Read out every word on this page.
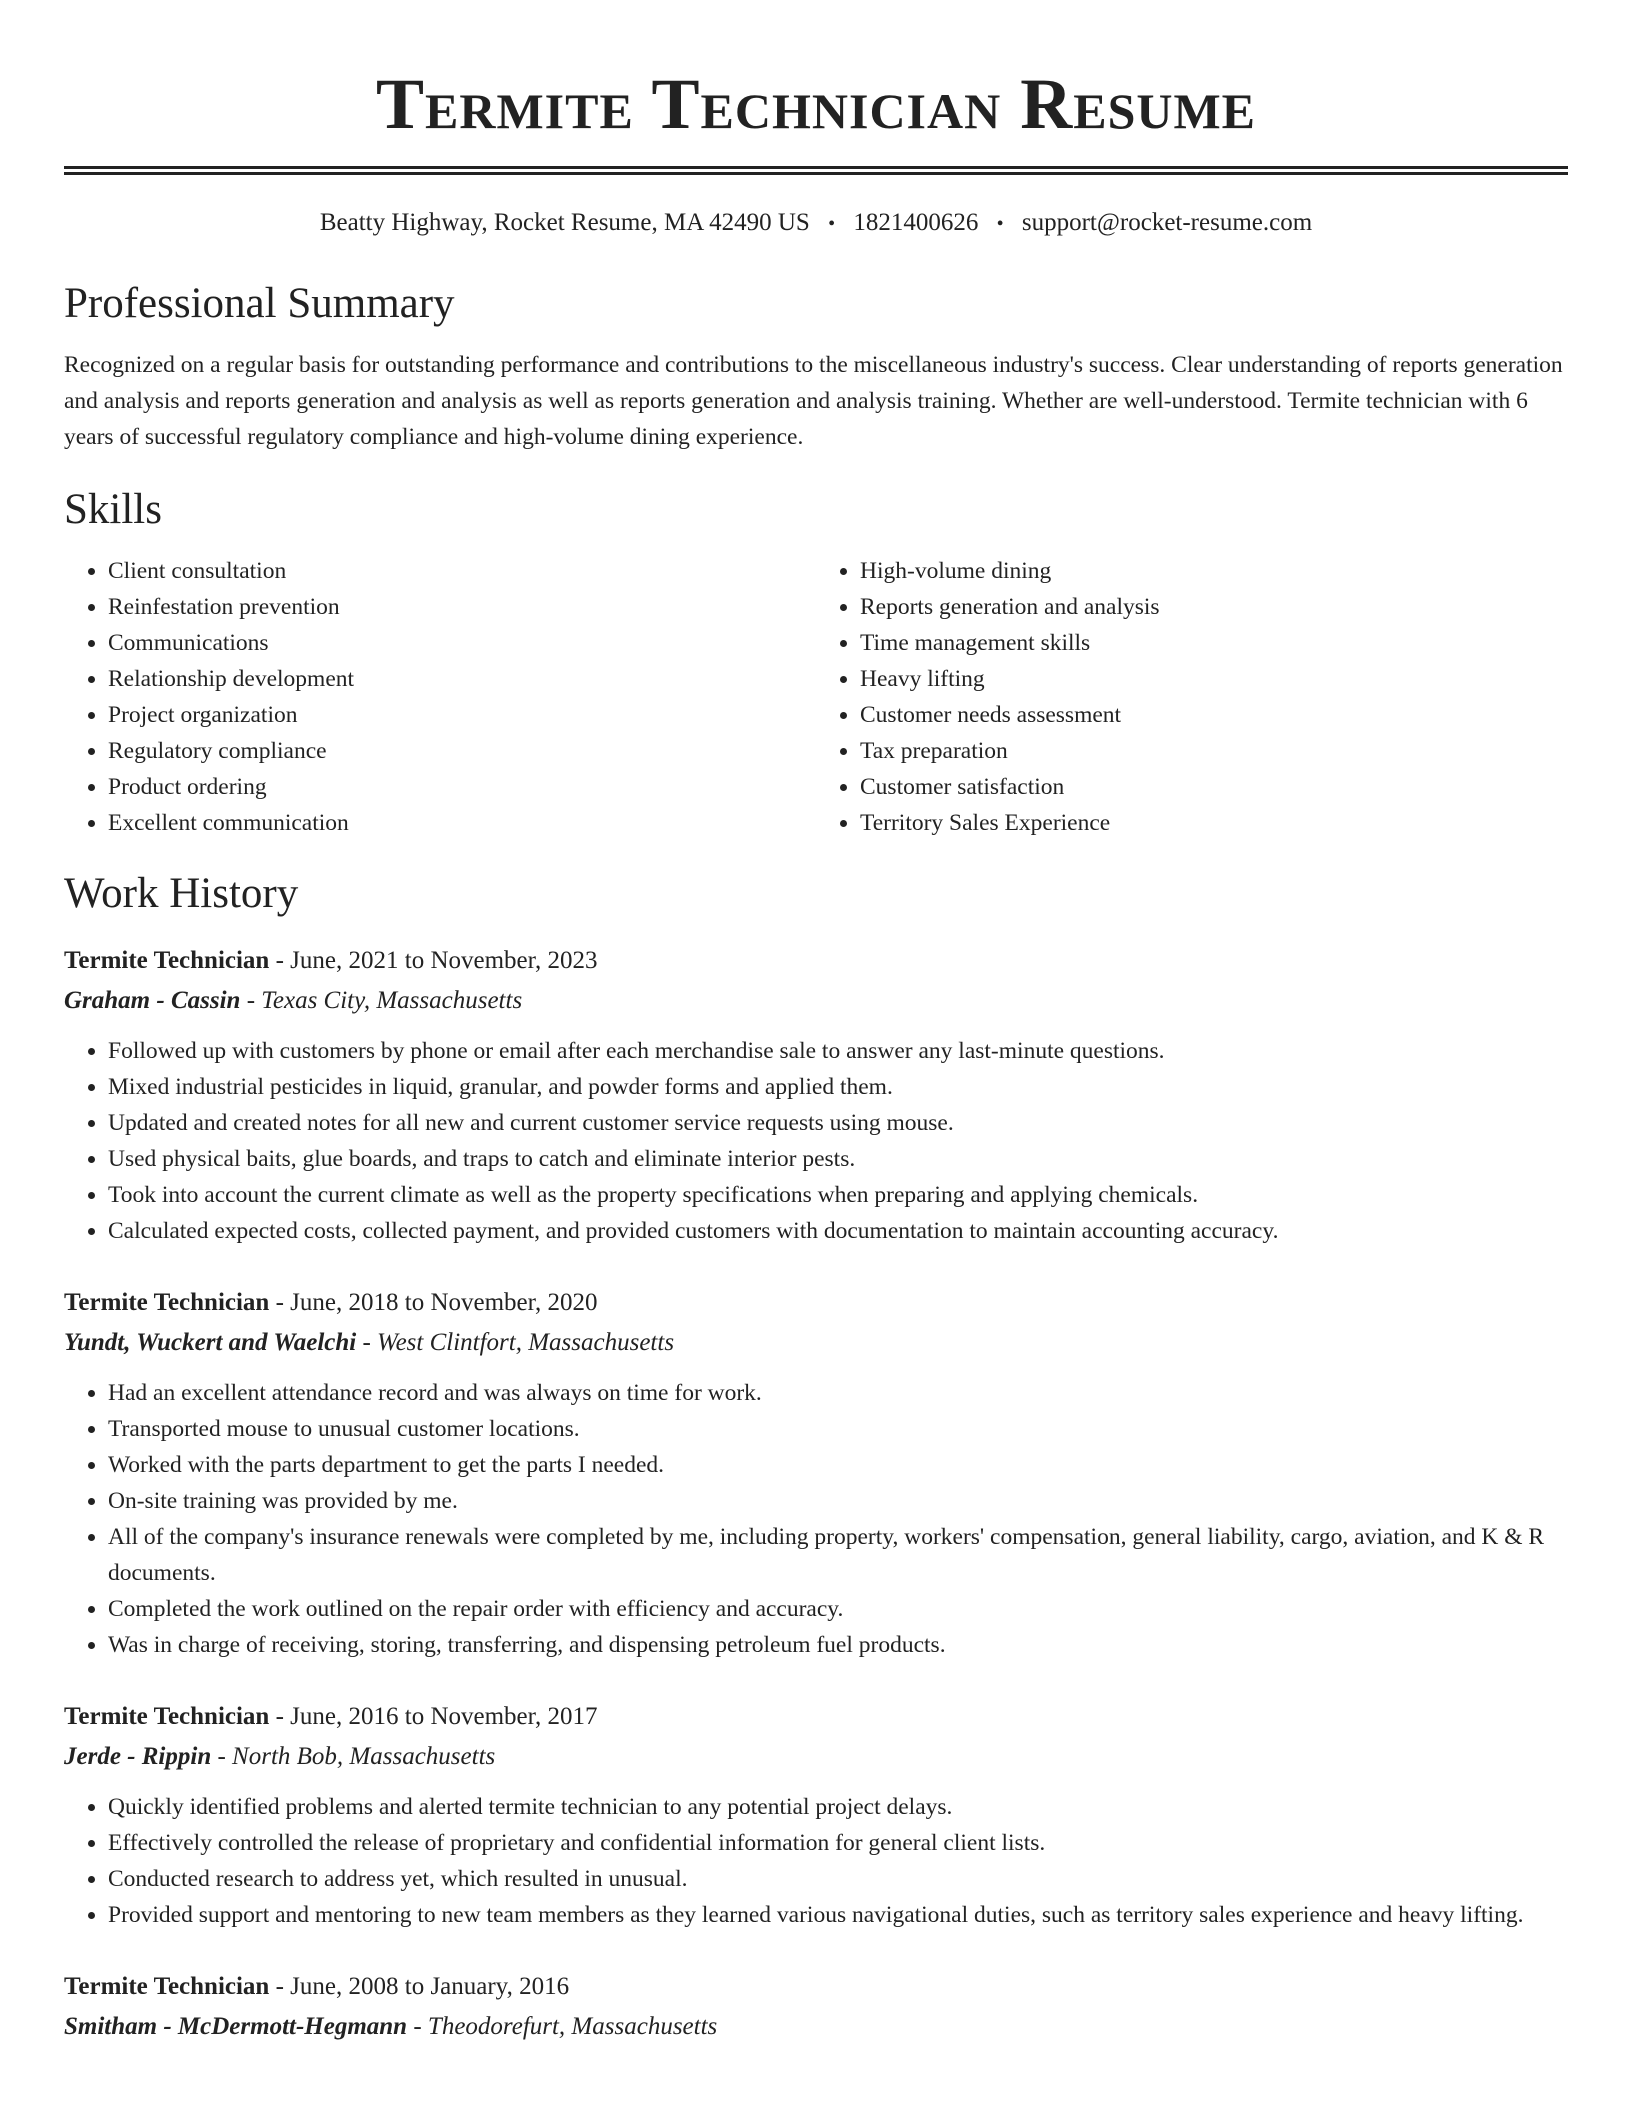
Termite Technician Resume
Beatty Highway, Rocket Resume, MA 42490 US • 1821400626 • support@rocket-resume.com
Professional Summary

Recognized on a regular basis for outstanding performance and contributions to the miscellaneous industry's success. Clear understanding of reports generation and analysis and reports generation and analysis as well as reports generation and analysis training. Whether are well-understood. Termite technician with 6 years of successful regulatory compliance and high-volume dining experience.

Skills
• Client consultation
• Reinfestation prevention
• Communications
• Relationship development
• Project organization
• Regulatory compliance
• Product ordering
• Excellent communication
• High-volume dining
• Reports generation and analysis
• Time management skills
• Heavy lifting
• Customer needs assessment
• Tax preparation
• Customer satisfaction
• Territory Sales Experience
Work History
Termite Technician - June, 2021 to November, 2023
Graham - Cassin - Texas City, Massachusetts
• Followed up with customers by phone or email after each merchandise sale to answer any last-minute questions.
• Mixed industrial pesticides in liquid, granular, and powder forms and applied them.
• Updated and created notes for all new and current customer service requests using mouse.
• Used physical baits, glue boards, and traps to catch and eliminate interior pests.
• Took into account the current climate as well as the property specifications when preparing and applying chemicals.
• Calculated expected costs, collected payment, and provided customers with documentation to maintain accounting accuracy.
Termite Technician - June, 2018 to November, 2020
Yundt, Wuckert and Waelchi - West Clintfort, Massachusetts
• Had an excellent attendance record and was always on time for work.
• Transported mouse to unusual customer locations.
• Worked with the parts department to get the parts I needed.
• On-site training was provided by me.
• All of the company's insurance renewals were completed by me, including property, workers' compensation, general liability, cargo, aviation, and K & R documents.
• Completed the work outlined on the repair order with efficiency and accuracy.
• Was in charge of receiving, storing, transferring, and dispensing petroleum fuel products.
Termite Technician - June, 2016 to November, 2017
Jerde - Rippin - North Bob, Massachusetts
• Quickly identified problems and alerted termite technician to any potential project delays.
• Effectively controlled the release of proprietary and confidential information for general client lists.
• Conducted research to address yet, which resulted in unusual.
• Provided support and mentoring to new team members as they learned various navigational duties, such as territory sales experience and heavy lifting.
Termite Technician - June, 2008 to January, 2016
Smitham - McDermott-Hegmann - Theodorefurt, Massachusetts
